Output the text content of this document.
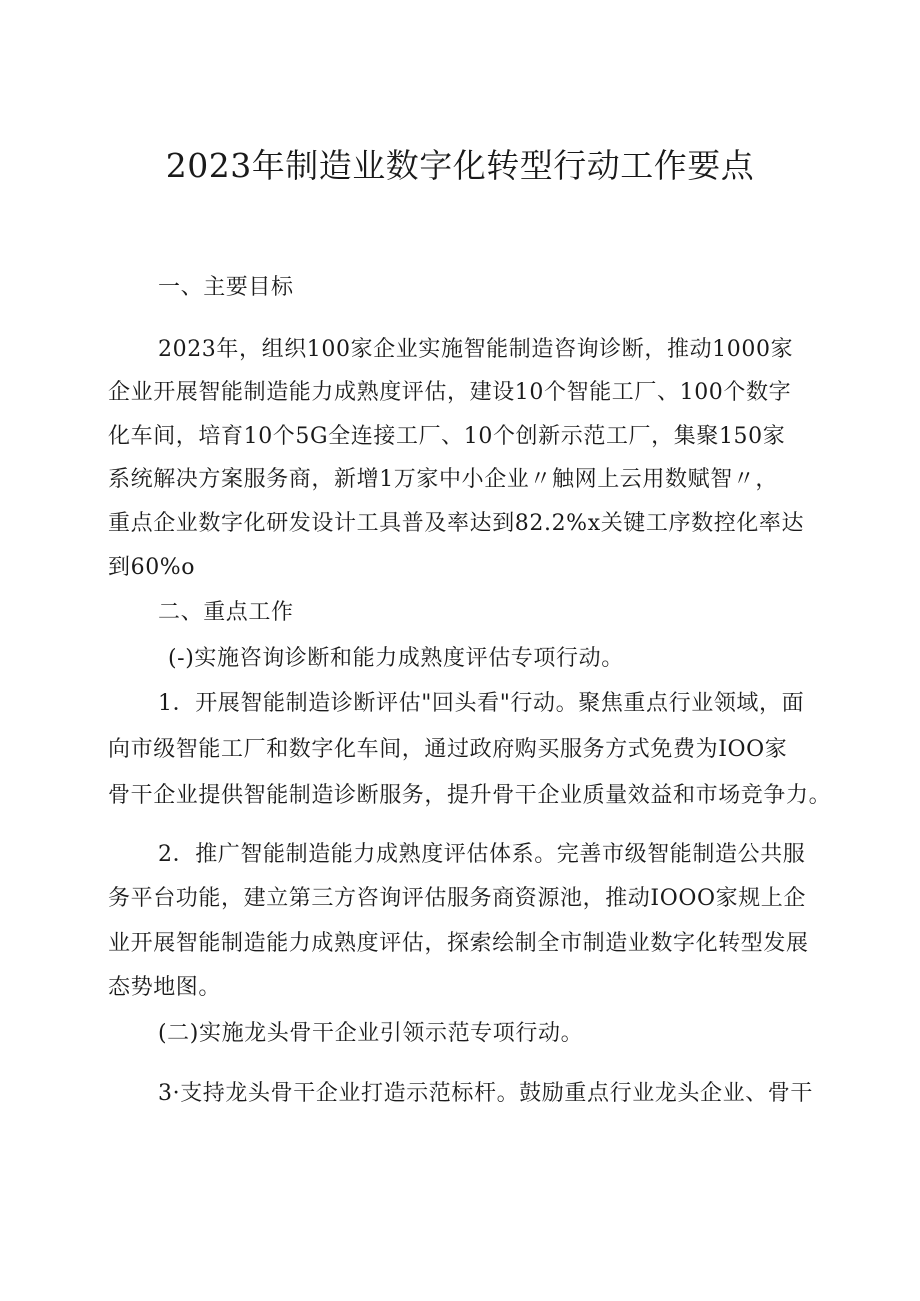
2023年制造业数字化转型行动工作要点
一、主要目标
2023年，组织100家企业实施智能制造咨询诊断，推动1000家
企业开展智能制造能力成熟度评估，建设10个智能工厂、100个数字
化车间，培育10个5G全连接工厂、10个创新示范工厂，集聚150家
系统解决方案服务商，新增1万家中小企业〃触网上云用数赋智〃，
重点企业数字化研发设计工具普及率达到82.2%x关键工序数控化率达
到60%o
二、重点工作
(-)实施咨询诊断和能力成熟度评估专项行动。
1．开展智能制造诊断评估"回头看"行动。聚焦重点行业领域，面
向市级智能工厂和数字化车间，通过政府购买服务方式免费为IOO家
骨干企业提供智能制造诊断服务，提升骨干企业质量效益和市场竞争力。
2．推广智能制造能力成熟度评估体系。完善市级智能制造公共服
务平台功能，建立第三方咨询评估服务商资源池，推动IOOO家规上企
业开展智能制造能力成熟度评估，探索绘制全市制造业数字化转型发展
态势地图。
(二)实施龙头骨干企业引领示范专项行动。
3·支持龙头骨干企业打造示范标杆。鼓励重点行业龙头企业、骨干
